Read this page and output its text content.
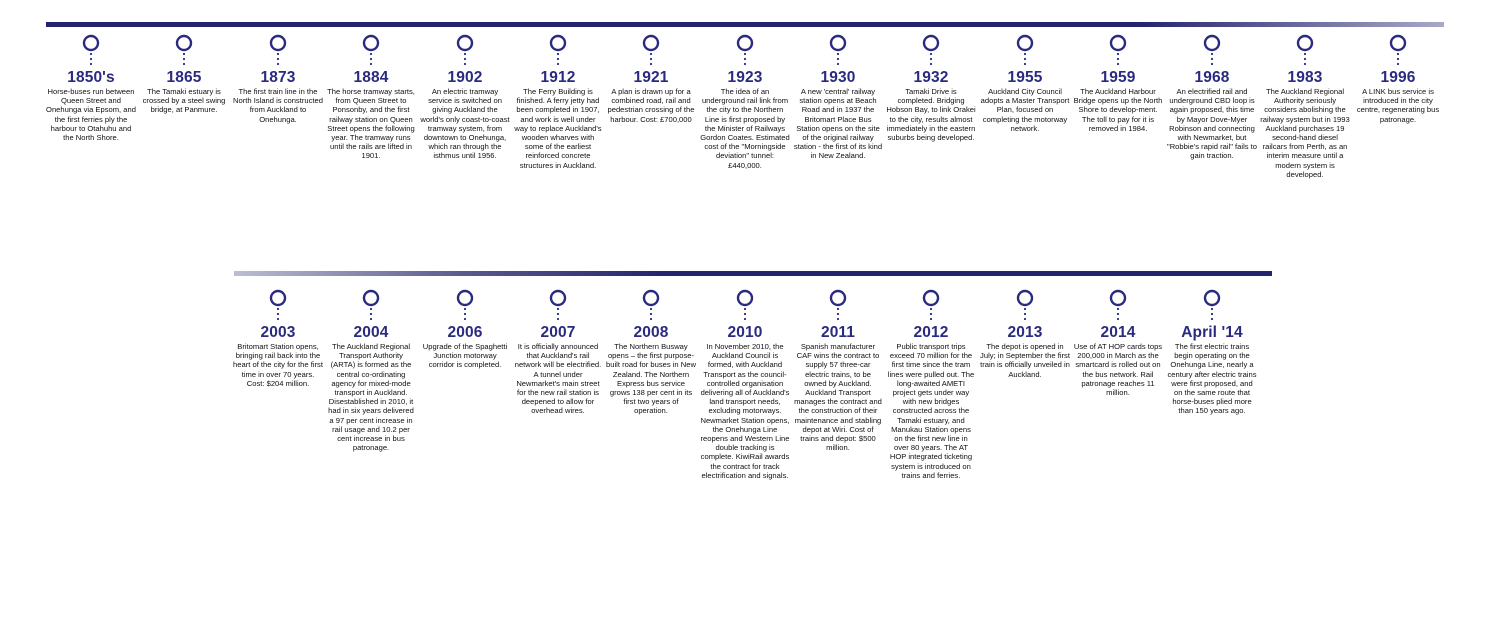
1850's
Horse-buses run between Queen Street and Onehunga via Epsom, and the first ferries ply the harbour to Otahuhu and the North Shore.
1865
The Tamaki estuary is crossed by a steel swing bridge, at Panmure.
1873
The first train line in the North Island is constructed from Auckland to Onehunga.
1884
The horse tramway starts, from Queen Street to Ponsonby, and the first railway station on Queen Street opens the following year. The tramway runs until the rails are lifted in 1901.
1902
An electric tramway service is switched on giving Auckland the world's only coast-to-coast tramway system, from downtown to Onehunga, which ran through the isthmus until 1956.
1912
The Ferry Building is finished. A ferry jetty had been completed in 1907, and work is well under way to replace Auckland's wooden wharves with some of the earliest reinforced concrete structures in Auckland.
1921
A plan is drawn up for a combined road, rail and pedestrian crossing of the harbour. Cost: £700,000
1923
The idea of an underground rail link from the city to the Northern Line is first proposed by the Minister of Railways Gordon Coates. Estimated cost of the "Morningside deviation" tunnel: £440,000.
1930
A new 'central' railway station opens at Beach Road and in 1937 the Britomart Place Bus Station opens on the site of the original railway station - the first of its kind in New Zealand.
1932
Tamaki Drive is completed. Bridging Hobson Bay, to link Orakei to the city, results almost immediately in the eastern suburbs being developed.
1955
Auckland City Council adopts a Master Transport Plan, focused on completing the motorway network.
1959
The Auckland Harbour Bridge opens up the North Shore to develop-ment. The toll to pay for it is removed in 1984.
1968
An electrified rail and underground CBD loop is again proposed, this time by Mayor Dove-Myer Robinson and connecting with Newmarket, but "Robbie's rapid rail" fails to gain traction.
1983
The Auckland Regional Authority seriously considers abolishing the railway system but in 1993 Auckland purchases 19 second-hand diesel railcars from Perth, as an interim measure until a modern system is developed.
1996
A LINK bus service is introduced in the city centre, regenerating bus patronage.
2003
Britomart Station opens, bringing rail back into the heart of the city for the first time in over 70 years. Cost: $204 million.
2004
The Auckland Regional Transport Authority (ARTA) is formed as the central co-ordinating agency for mixed-mode transport in Auckland. Disestablished in 2010, it had in six years delivered a 97 per cent increase in rail usage and 10.2 per cent increase in bus patronage.
2006
Upgrade of the Spaghetti Junction motorway corridor is completed.
2007
It is officially announced that Auckland's rail network will be electrified. A tunnel under Newmarket's main street for the new rail station is deepened to allow for overhead wires.
2008
The Northern Busway opens – the first purpose-built road for buses in New Zealand. The Northern Express bus service grows 138 per cent in its first two years of operation.
2010
In November 2010, the Auckland Council is formed, with Auckland Transport as the council-controlled organisation delivering all of Auckland's land transport needs, excluding motorways. Newmarket Station opens, the Onehunga Line reopens and Western Line double tracking is complete. KiwiRail awards the contract for track electrification and signals.
2011
Spanish manufacturer CAF wins the contract to supply 57 three-car electric trains, to be owned by Auckland. Auckland Transport manages the contract and the construction of their maintenance and stabling depot at Wiri. Cost of trains and depot: $500 million.
2012
Public transport trips exceed 70 million for the first time since the tram lines were pulled out. The long-awaited AMETI project gets under way with new bridges constructed across the Tamaki estuary, and Manukau Station opens on the first new line in over 80 years. The AT HOP integrated ticketing system is introduced on trains and ferries.
2013
The depot is opened in July; in September the first train is officially unveiled in Auckland.
2014
Use of AT HOP cards tops 200,000 in March as the smartcard is rolled out on the bus network. Rail patronage reaches 11 million.
April '14
The first electric trains begin operating on the Onehunga Line, nearly a century after electric trains were first proposed, and on the same route that horse-buses plied more than 150 years ago.
